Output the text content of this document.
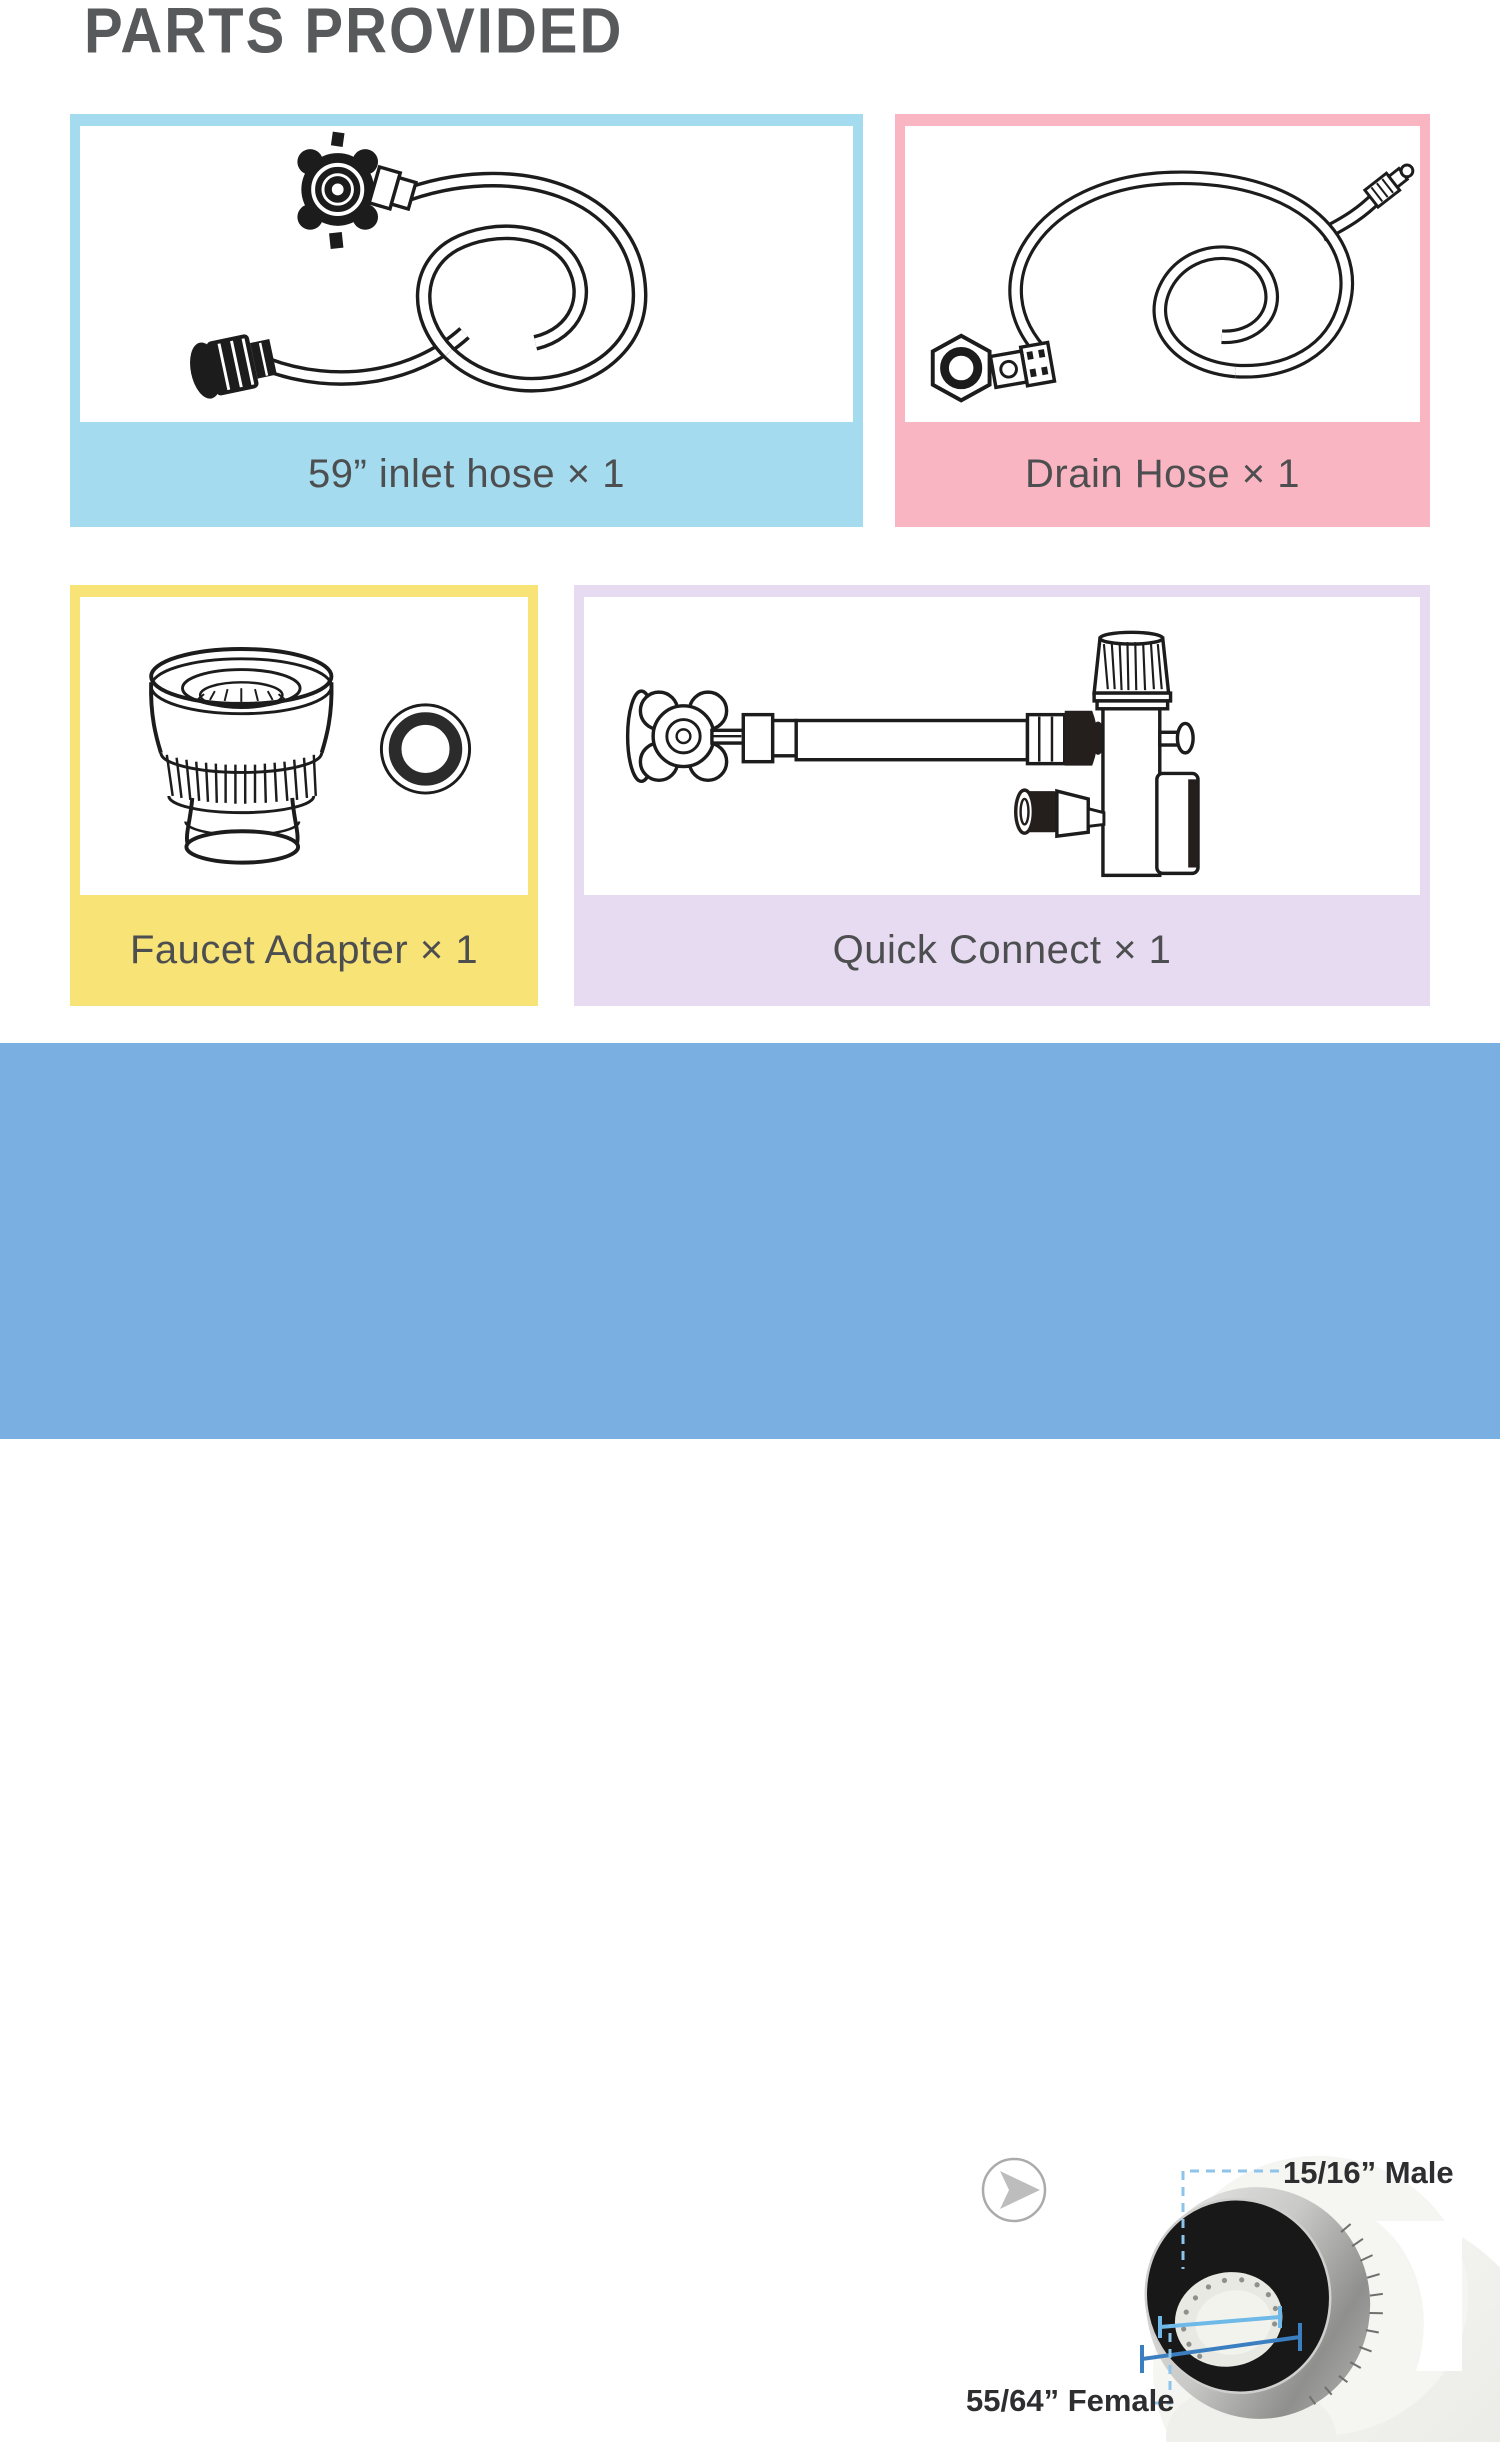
PARTS PROVIDED
59” inlet hose × 1	Drain Hose × 1
Faucet Adapter × 1	Quick Connect × 1

Note: Please confirm whether the supplied adapter is suitable for your faucet tap.  If not, please contact your local plumbing supply center where adapter is available for purchase.

15/16” Male
55/64” Female
